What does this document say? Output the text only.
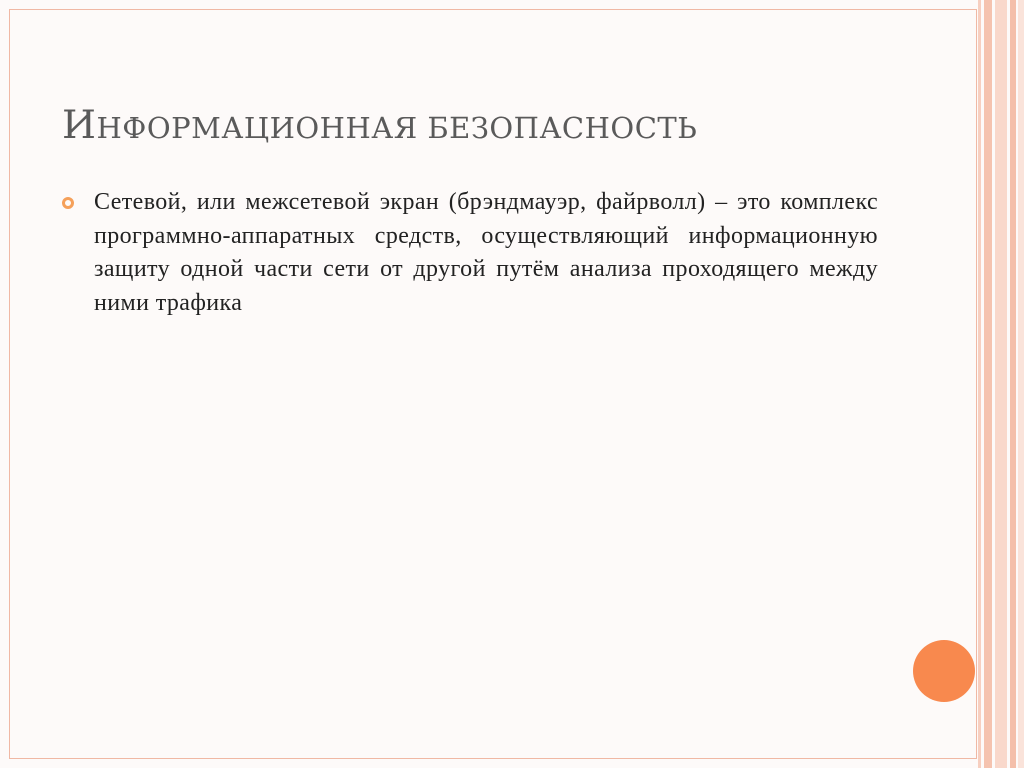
ИНФОРМАЦИОННАЯ БЕЗОПАСНОСТЬ
Сетевой, или межсетевой экран (брэндмауэр, файрволл) – это комплекс программно-аппаратных средств, осуществляющий информационную защиту одной части сети от другой путём анализа проходящего между ними трафика
